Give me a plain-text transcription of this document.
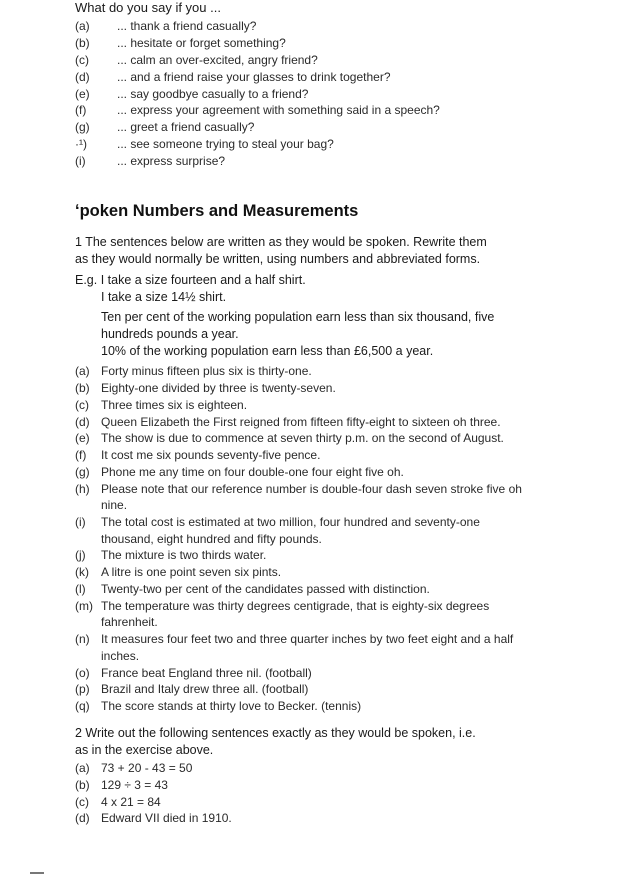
What do you say if you ...
(a) ... thank a friend casually?
(b) ... hesitate or forget something?
(c) ... calm an over-excited, angry friend?
(d) ... and a friend raise your glasses to drink together?
(e) ... say goodbye casually to a friend?
(f)	... express your agreement with something said in a speech?
(g) ... greet a friend casually?
·¹)	... see someone trying to steal your bag?
(i)	... express surprise?
ʻpoken Numbers and Measurements
1 The sentences below are written as they would be spoken. Rewrite them
as they would normally be written, using numbers and abbreviated forms.
E.g. I take a size fourteen and a half shirt.
I take a size 14½ shirt.
Ten per cent of the working population earn less than six thousand, five
hundreds pounds a year.
10% of the working population earn less than £6,500 a year.
(a) Forty minus fifteen plus six is thirty-one.
(b) Eighty-one divided by three is twenty-seven.
(c) Three times six is eighteen.
(d) Queen Elizabeth the First reigned from fifteen fifty-eight to sixteen oh three.
(e) The show is due to commence at seven thirty p.m. on the second of August.
(f) It cost me six pounds seventy-five pence.
(g) Phone me any time on four double-one four eight five oh.
(h) Please note that our reference number is double-four dash seven stroke five oh
nine.
(i) The total cost is estimated at two million, four hundred and seventy-one
thousand, eight hundred and fifty pounds.
(j) The mixture is two thirds water.
(k) A litre is one point seven six pints.
(l) Twenty-two per cent of the candidates passed with distinction.
(m) The temperature was thirty degrees centigrade, that is eighty-six degrees
fahrenheit.
(n) It measures four feet two and three quarter inches by two feet eight and a half
inches.
(o) France beat England three nil. (football)
(p) Brazil and Italy drew three all. (football)
(q) The score stands at thirty love to Becker. (tennis)
2 Write out the following sentences exactly as they would be spoken, i.e.
as in the exercise above.
(a) 73 + 20 - 43 = 50
(b) 129 ÷ 3 = 43
(c) 4 x 21 = 84
(d) Edward VII died in 1910.
